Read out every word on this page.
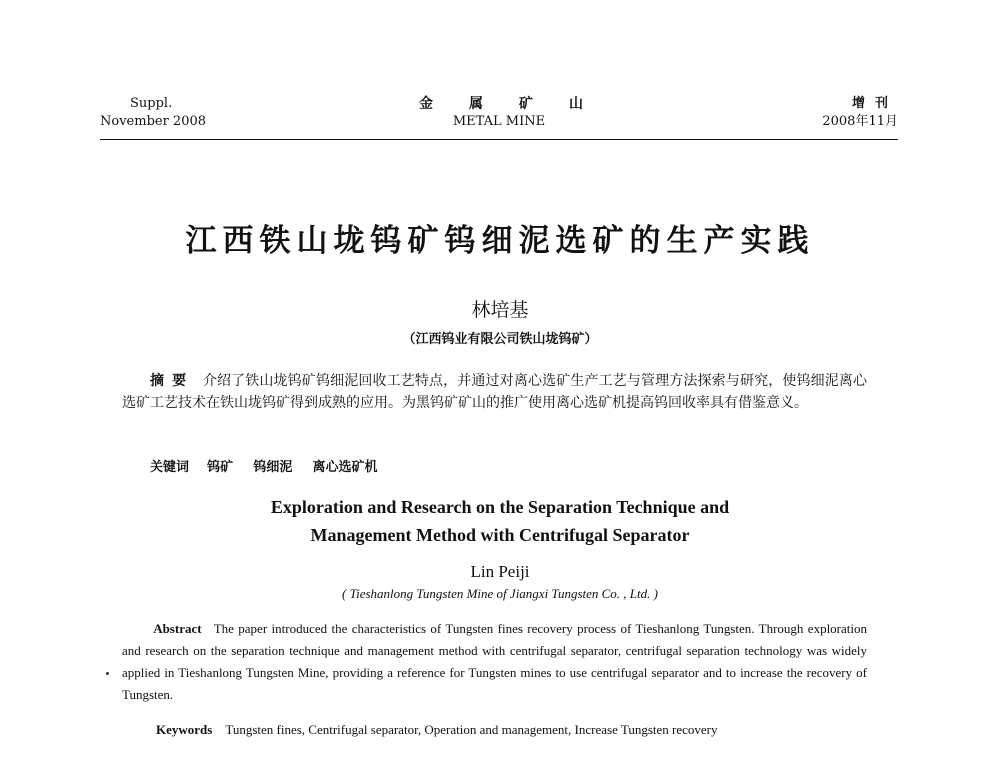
Suppl.
November 2008
金属矿山
METAL MINE
增刊
2008年11月
江西铁山垅钨矿钨细泥选矿的生产实践
林培基
（江西钨业有限公司铁山垅钨矿）
摘要 介绍了铁山垅钨矿钨细泥回收工艺特点，并通过对离心选矿生产工艺与管理方法探索与研究，使钨细泥离心选矿工艺技术在铁山垅钨矿得到成熟的应用。为黑钨矿矿山的推广使用离心选矿机提高钨回收率具有借鉴意义。
关键词 钨矿 钨细泥 离心选矿机
Exploration and Research on the Separation Technique and
Management Method with Centrifugal Separator
Lin Peiji
( Tieshanlong Tungsten Mine of Jiangxi Tungsten Co. , Ltd. )
Abstract The paper introduced the characteristics of Tungsten fines recovery process of Tieshanlong Tungsten. Through exploration and research on the separation technique and management method with centrifugal separator, centrifugal separation technology was widely applied in Tieshanlong Tungsten Mine, providing a reference for Tungsten mines to use centrifugal separator and to increase the recovery of Tungsten.
Keywords Tungsten fines, Centrifugal separator, Operation and management, Increase Tungsten recovery
